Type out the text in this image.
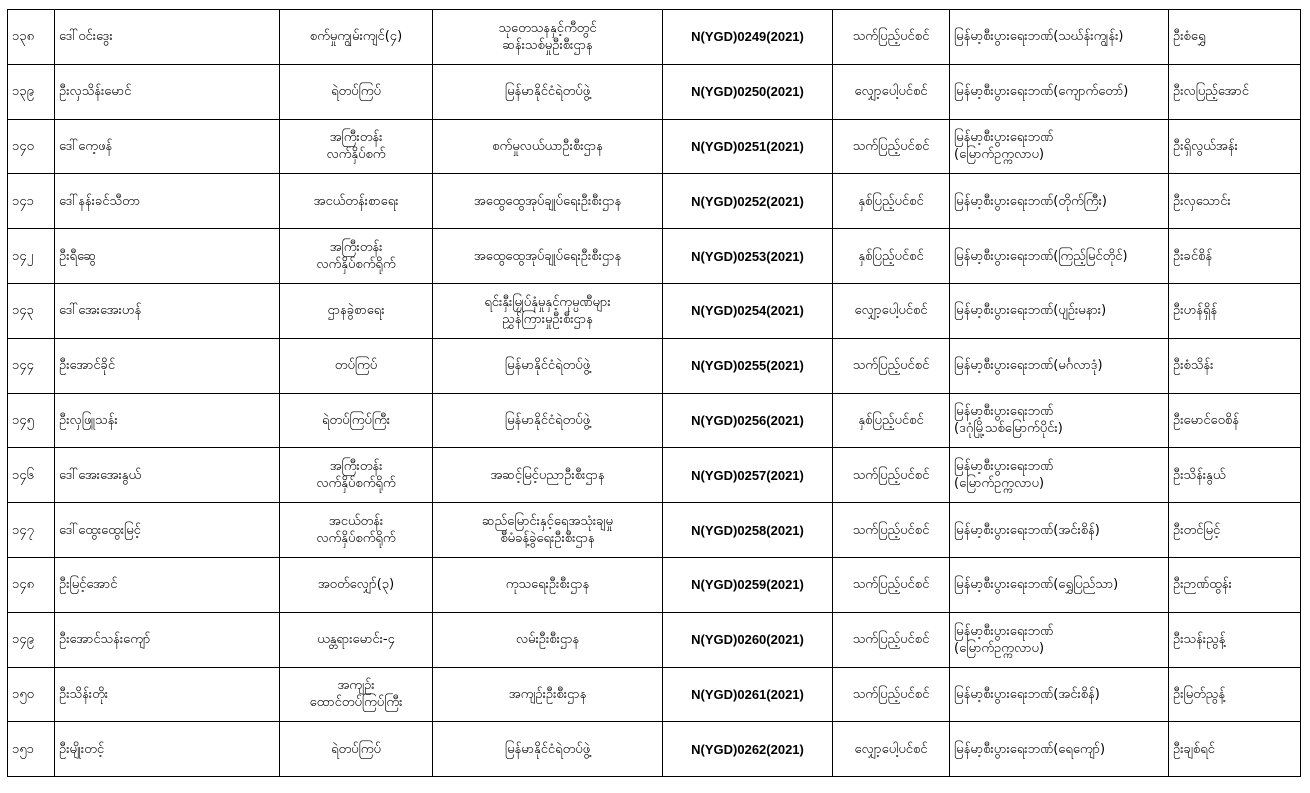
၁၃၈	ဒေါ်ဝင်းဒွေး	စက်မှုကျွမ်းကျင်(၄)	သုတေသနနှင့်ကီတွင်
ဆန်းသစ်မှုဦးစီးဌာန	N(YGD)0249(2021)	သက်ပြည့်ပင်စင်	မြန်မာ့စီးပွားရေးဘဏ်(သဃ်န်းကျွန်း)	ဦးစံရွှေ
၁၃၉	ဦးလှသိန်းမောင်	ရဲတပ်ကြပ်	မြန်မာနိုင်ငံရဲတပ်ဖွဲ့	N(YGD)0250(2021)	လျှော့ပေါ့ပင်စင်	မြန်မာ့စီးပွားရေးဘဏ်(ကျောက်တော်)	ဦးလပြည့်အောင်
၁၄၀	ဒေါ်ကေ့ဖန်	အကြီးတန်း
လက်နှိပ်စက်	စက်မှုလယ်ယာဦးစီးဌာန	N(YGD)0251(2021)	သက်ပြည့်ပင်စင်	မြန်မာ့စီးပွားရေးဘဏ်
(မြောက်ဥက္ကလာပ)	ဦးရှိလွယ်အန်း
၁၄၁	ဒေါ်နန်းခင်သီတာ	အငယ်တန်းစာရေး	အထွေထွေအုပ်ချုပ်ရေးဦးစီးဌာန	N(YGD)0252(2021)	နှစ်ပြည့်ပင်စင်	မြန်မာ့စီးပွားရေးဘဏ်(တိုက်ကြီး)	ဦးလှသောင်း
၁၄၂	ဦးရီဆွေ	အကြီးတန်း
လက်နှိပ်စက်ရိုက်	အထွေထွေအုပ်ချုပ်ရေးဦးစီးဌာန	N(YGD)0253(2021)	နှစ်ပြည့်ပင်စင်	မြန်မာ့စီးပွားရေးဘဏ်(ကြည့်မြင်တိုင်)	ဦးခင်စိန်
၁၄၃	ဒေါ်အေးအေးဟန်	ဌာနခွဲစာရေး	ရင်းနှီးမြှုပ်နှံမှုနှင့်ကုမ္ပဏီများ
ညွှန်ကြားမှုဦးစီးဌာန	N(YGD)0254(2021)	လျှော့ပေါ့ပင်စင်	မြန်မာ့စီးပွားရေးဘဏ်(ပျဉ်းမနား)	ဦးဟန်ရှိန်
၁၄၄	ဦးအောင်ခိုင်	တပ်ကြပ်	မြန်မာနိုင်ငံရဲတပ်ဖွဲ့	N(YGD)0255(2021)	သက်ပြည့်ပင်စင်	မြန်မာ့စီးပွားရေးဘဏ်(မင်္ဂလာဒုံ)	ဦးစံသိန်း
၁၄၅	ဦးလှဖြူသန်း	ရဲတပ်ကြပ်ကြီး	မြန်မာနိုင်ငံရဲတပ်ဖွဲ့	N(YGD)0256(2021)	နှစ်ပြည့်ပင်စင်	မြန်မာ့စီးပွားရေးဘဏ်
(ဒဂုံမြို့သစ်မြောက်ပိုင်း)	ဦးမောင်ဝေစိန်
၁၄၆	ဒေါ်အေးအေးနွယ်	အကြီးတန်း
လက်နှိပ်စက်ရိုက်	အဆင့်မြင့်ပညာဦးစီးဌာန	N(YGD)0257(2021)	သက်ပြည့်ပင်စင်	မြန်မာ့စီးပွားရေးဘဏ်
(မြောက်ဥက္ကလာပ)	ဦးသိန်းနွယ်
၁၄၇	ဒေါ်ထွေးထွေးမြင့်	အငယ်တန်း
လက်နှိပ်စက်ရိုက်	ဆည်မြောင်းနှင့်ရေအသုံးချမှု
စီမံခန့်ခွဲရေးဦးစီးဌာန	N(YGD)0258(2021)	သက်ပြည့်ပင်စင်	မြန်မာ့စီးပွားရေးဘဏ်(အင်းစိန်)	ဦးတင်မြင့်
၁၄၈	ဦးမြင့်အောင်	အဝတ်လျှော်(၃)	ကုသရေးဦးစီးဌာန	N(YGD)0259(2021)	သက်ပြည့်ပင်စင်	မြန်မာ့စီးပွားရေးဘဏ်(ရွှေပြည်သာ)	ဦးဉာဏ်ထွန်း
၁၄၉	ဦးအောင်သန်းကျော်	ယန္တရားမောင်း-၄	လမ်းဦးစီးဌာန	N(YGD)0260(2021)	သက်ပြည့်ပင်စင်	မြန်မာ့စီးပွားရေးဘဏ်
(မြောက်ဥက္ကလာပ)	ဦးသန်းညွန့်
၁၅၀	ဦးသိန်းတိုး	အကျဉ်း
ထောင်တပ်ကြပ်ကြီး	အကျဉ်းဦးစီးဌာန	N(YGD)0261(2021)	သက်ပြည့်ပင်စင်	မြန်မာ့စီးပွားရေးဘဏ်(အင်းစိန်)	ဦးမြတ်ညွန့်
၁၅၁	ဦးမျိုးတင့်	ရဲတပ်ကြပ်	မြန်မာနိုင်ငံရဲတပ်ဖွဲ့	N(YGD)0262(2021)	လျှော့ပေါ့ပင်စင်	မြန်မာ့စီးပွားရေးဘဏ်(ရေကျော်)	ဦးချစ်ရင်
